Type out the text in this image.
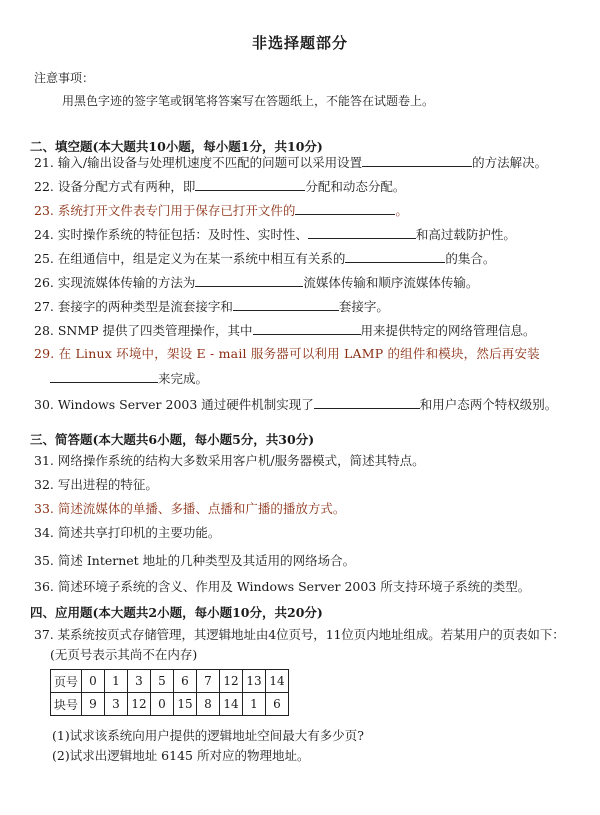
非选择题部分
注意事项：
用黑色字迹的签字笔或钢笔将答案写在答题纸上，不能答在试题卷上。
二、填空题(本大题共10小题，每小题1分，共10分)
21. 输入/输出设备与处理机速度不匹配的问题可以采用设置	的方法解决。
22. 设备分配方式有两种，即	分配和动态分配。
23. 系统打开文件表专门用于保存已打开文件的	。
24. 实时操作系统的特征包括：及时性、实时性、	和高过载防护性。
25. 在组通信中，组是定义为在某一系统中相互有关系的	的集合。
26. 实现流媒体传输的方法为	流媒体传输和顺序流媒体传输。
27. 套接字的两种类型是流套接字和	套接字。
28. SNMP 提供了四类管理操作，其中	用来提供特定的网络管理信息。
29. 在 Linux 环境中，架设 E - mail 服务器可以利用 LAMP 的组件和模块，然后再安装
来完成。
30. Windows Server 2003 通过硬件机制实现了	和用户态两个特权级别。
三、简答题(本大题共6小题，每小题5分，共30分)
31. 网络操作系统的结构大多数采用客户机/服务器模式，简述其特点。
32. 写出进程的特征。
33. 简述流媒体的单播、多播、点播和广播的播放方式。
34. 简述共享打印机的主要功能。
35. 简述 Internet 地址的几种类型及其适用的网络场合。
36. 简述环境子系统的含义、作用及 Windows Server 2003 所支持环境子系统的类型。
四、应用题(本大题共2小题，每小题10分，共20分)
37. 某系统按页式存储管理，其逻辑地址由4位页号，11位页内地址组成。若某用户的页表如下：
(无页号表示其尚不在内存)
页号	0	1	3	5	6	7	12	13	14
块号	9	3	12	0	15	8	14	1	6
(1)试求该系统向用户提供的逻辑地址空间最大有多少页?
(2)试求出逻辑地址 6145 所对应的物理地址。
